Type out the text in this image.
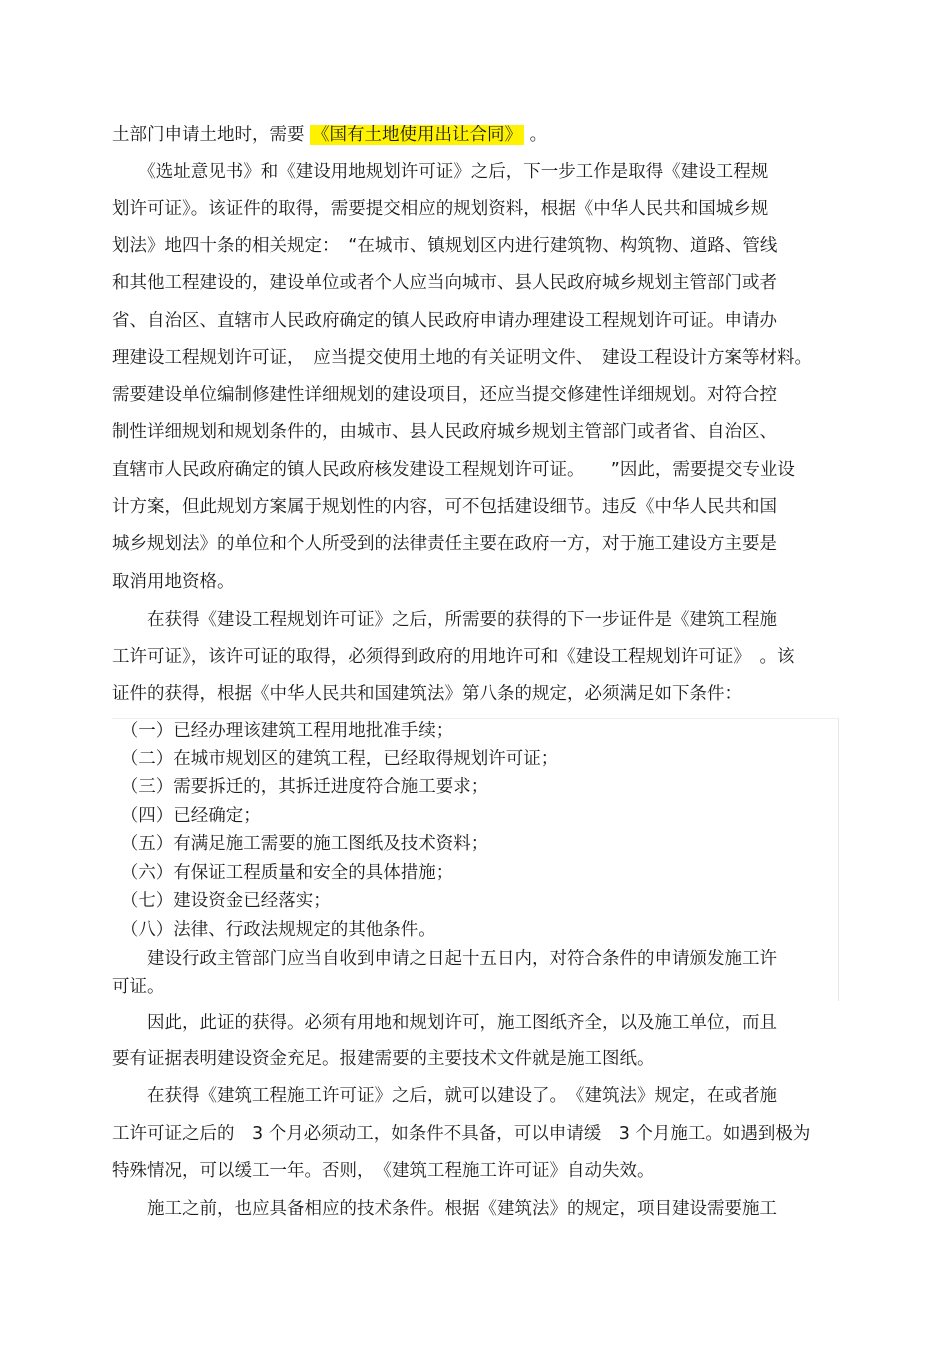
土部门申请土地时，需要 《国有土地使用出让合同》 。
　　《选址意见书》和《建设用地规划许可证》之后，下一步工作是取得《建设工程规
划许可证》。该证件的取得，需要提交相应的规划资料，根据《中华人民共和国城乡规
划法》地四十条的相关规定：　“在城市、镇规划区内进行建筑物、构筑物、道路、管线
和其他工程建设的，建设单位或者个人应当向城市、县人民政府城乡规划主管部门或者
省、自治区、直辖市人民政府确定的镇人民政府申请办理建设工程规划许可证。申请办
理建设工程规划许可证，　应当提交使用土地的有关证明文件、　建设工程设计方案等材料。
需要建设单位编制修建性详细规划的建设项目，还应当提交修建性详细规划。对符合控
制性详细规划和规划条件的，由城市、县人民政府城乡规划主管部门或者省、自治区、
直辖市人民政府确定的镇人民政府核发建设工程规划许可证。　　”因此，需要提交专业设
计方案，但此规划方案属于规划性的内容，可不包括建设细节。违反《中华人民共和国
城乡规划法》的单位和个人所受到的法律责任主要在政府一方，对于施工建设方主要是
取消用地资格。
　　在获得《建设工程规划许可证》之后，所需要的获得的下一步证件是《建筑工程施
工许可证》，该许可证的取得，必须得到政府的用地许可和《建设工程规划许可证》　。该
证件的获得，根据《中华人民共和国建筑法》第八条的规定，必须满足如下条件：
　（一）已经办理该建筑工程用地批准手续；
　（二）在城市规划区的建筑工程，已经取得规划许可证；
　（三）需要拆迁的，其拆迁进度符合施工要求；
　（四）已经确定；
　（五）有满足施工需要的施工图纸及技术资料；
　（六）有保证工程质量和安全的具体措施；
　（七）建设资金已经落实；
　（八）法律、行政法规规定的其他条件。
　　建设行政主管部门应当自收到申请之日起十五日内，对符合条件的申请颁发施工许
可证。
　　因此，此证的获得。必须有用地和规划许可，施工图纸齐全，以及施工单位，而且
要有证据表明建设资金充足。报建需要的主要技术文件就是施工图纸。
　　在获得《建筑工程施工许可证》之后，就可以建设了。　《建筑法》规定，在或者施
工许可证之后的　3 个月必须动工，如条件不具备，可以申请缓　3 个月施工。如遇到极为
特殊情况，可以缓工一年。否则，　《建筑工程施工许可证》自动失效。
　　施工之前，也应具备相应的技术条件。根据《建筑法》的规定，项目建设需要施工
